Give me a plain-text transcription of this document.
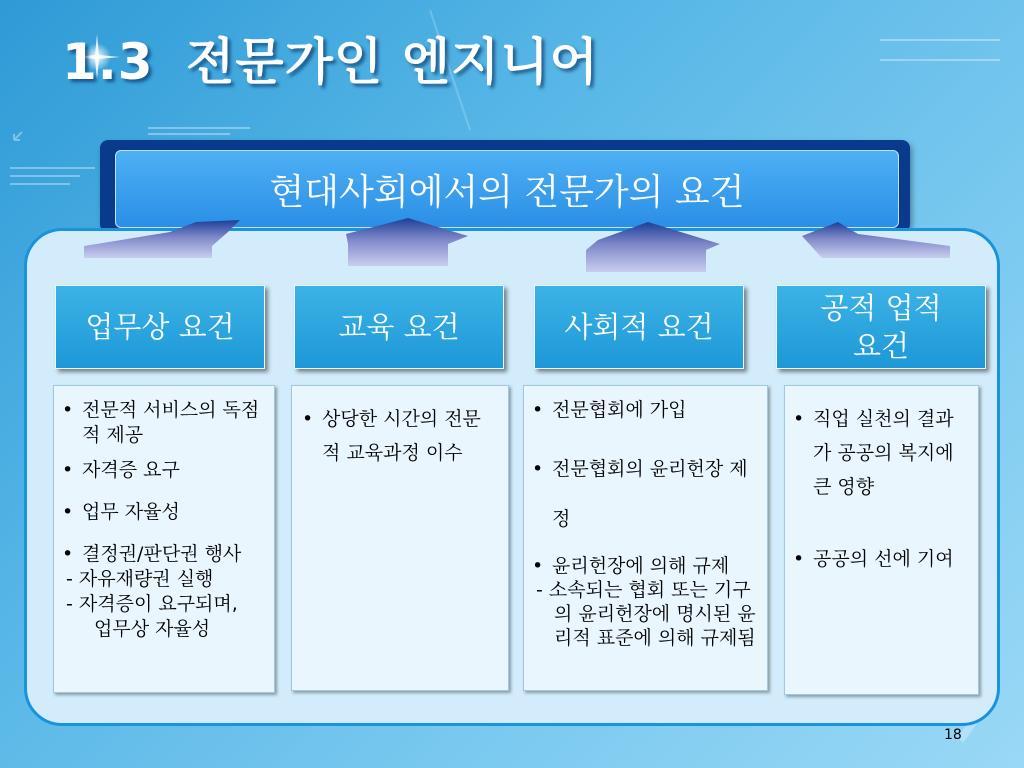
1.3 전문가인 엔지니어
현대사회에서의 전문가의 요건
업무상 요건	교육 요건	사회적 요건
공적 업적 요건
• 전문적 서비스의 독점적 제공
• 자격증 요구
• 업무 자율성
• 결정권/판단권 행사
- 자유재량권 실행
- 자격증이 요구되며,
업무상 자율성
• 상당한 시간의 전문적 교육과정 이수
• 전문협회에 가입
• 전문협회의 윤리헌장 제정
• 윤리헌장에 의해 규제
- 소속되는 협회 또는 기구의 윤리헌장에 명시된 윤리적 표준에 의해 규제됨
• 직업 실천의 결과가 공공의 복지에 큰 영향
• 공공의 선에 기여
18
